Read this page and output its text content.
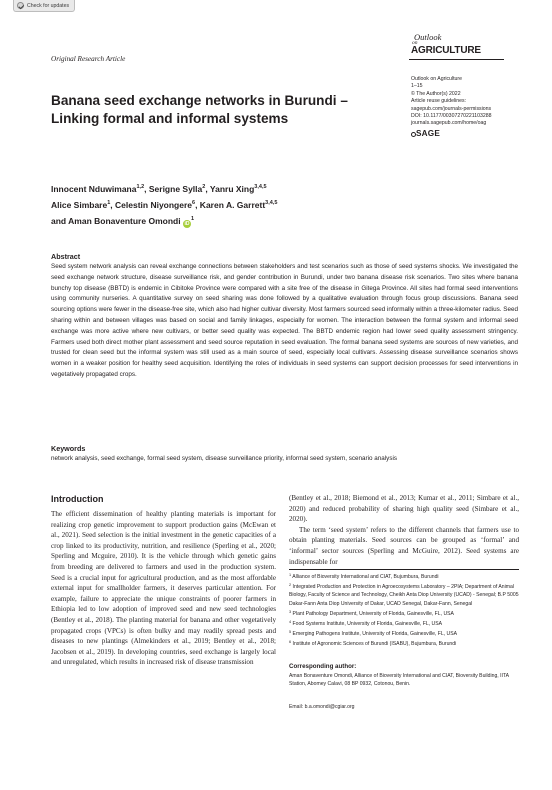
Check for updates
Original Research Article
Outlook
on
AGRICULTURE
Outlook on Agriculture
1–15
© The Author(s) 2022
Article reuse guidelines:
sagepub.com/journals-permissions
DOI: 10.1177/00307270221103288
journals.sagepub.com/home/oag
SAGE
Banana seed exchange networks in Burundi – Linking formal and informal systems
Innocent Nduwimana$^{1,2}$, Serigne Sylla$^2$, Yanru Xing$^{3,4,5}$
Alice Simbare$^1$, Celestin Niyongere$^6$, Karen A. Garrett$^{3,4,5}$
and Aman Bonaventure Omondi $iD^1$
Abstract

Seed system network analysis can reveal exchange connections between stakeholders and test scenarios such as those of seed systems shocks. We investigated the seed exchange network structure, disease surveillance risk, and gender contribution in Burundi, under two banana disease risk scenarios. Two sites where banana bunchy top disease (BBTD) is endemic in Cibitoke Province were compared with a site free of the disease in Gitega Province. All sites had formal seed interventions using community nurseries. A quantitative survey on seed sharing was done followed by a qualitative evaluation through focus group discussions. Banana seed sourcing options were fewer in the disease-free site, which also had higher cultivar diversity. Most farmers sourced seed informally within a three-kilometer radius. Seed sharing within and between villages was based on social and family linkages, especially for women. The interaction between the formal system and informal seed exchange was more active where new cultivars, or better seed quality was expected. The BBTD endemic region had lower seed quality assessment stringency. Farmers used both direct mother plant assessment and seed source reputation in seed evaluation. The formal banana seed systems are sources of new varieties, and trusted for clean seed but the informal system was still used as a main source of seed, especially local cultivars. Assessing disease surveillance scenarios shows women in a weaker position for healthy seed acquisition. Identifying the roles of individuals in seed systems can support decision processes for seed interventions in vegetatively propagated crops.

Keywords

network analysis, seed exchange, formal seed system, disease surveillance priority, informal seed system, scenario analysis

Introduction

The efficient dissemination of healthy planting materials is important for realizing crop genetic improvement to support production gains (McEwan et al., 2021). Seed selection is the initial investment in the genetic capacities of a crop linked to its productivity, nutrition, and resilience (Sperling et al., 2020; Sperling and Mcguire, 2010). It is the vehicle through which genetic gains from breeding are delivered to farmers and used in the production system. Seed is a crucial input for agricultural production, and as the most affordable external input for smallholder farmers, it deserves particular attention. For example, failure to appreciate the unique constraints of poorer farmers in Ethiopia led to low adoption of improved seed and new seed technologies (Bentley et al., 2018). The planting material for banana and other vegetatively propagated crops (VPCs) is often bulky and may readily spread pests and diseases to new plantings (Almekinders et al., 2019; Bentley et al., 2018; Jacobsen et al., 2019). In developing countries, seed exchange is largely local and unregulated, which results in increased risk of disease transmission

(Bentley et al., 2018; Biemond et al., 2013; Kumar et al., 2011; Simbare et al., 2020) and reduced probability of sharing high quality seed (Simbare et al., 2020).

The term ‘seed system’ refers to the different channels that farmers use to obtain planting materials. Seed sources can be grouped as ‘formal’ and ‘informal’ sector sources (Sperling and McGuire, 2012). Seed systems are indispensable for

$^1$ Alliance of Bioversity International and CIAT, Bujumbura, Burundi
$^2$ Integrated Production and Protection in Agroecosystems Laboratory – 2PIA; Department of Animal Biology, Faculty of Science and Technology, Cheikh Anta Diop University (UCAD) - Senegal; B.P 5005 Dakar-Fann Anta Diop University of Dakar, UCAD Senegal, Dakar-Fann, Senegal
$^3$ Plant Pathology Department, University of Florida, Gainesville, FL, USA
$^4$ Food Systems Institute, University of Florida, Gainesville, FL, USA
$^5$ Emerging Pathogens Institute, University of Florida, Gainesville, FL, USA
$^6$ Institute of Agronomic Sciences of Burundi (ISABU), Bujumbura, Burundi
Corresponding author:
Aman Bonaventure Omondi, Alliance of Bioversity International and CIAT, Bioversity Building, IITA Station, Abomey Calavi, 08 BP 0932, Cotonou, Benin.
Email: b.a.omondi@cgiar.org
